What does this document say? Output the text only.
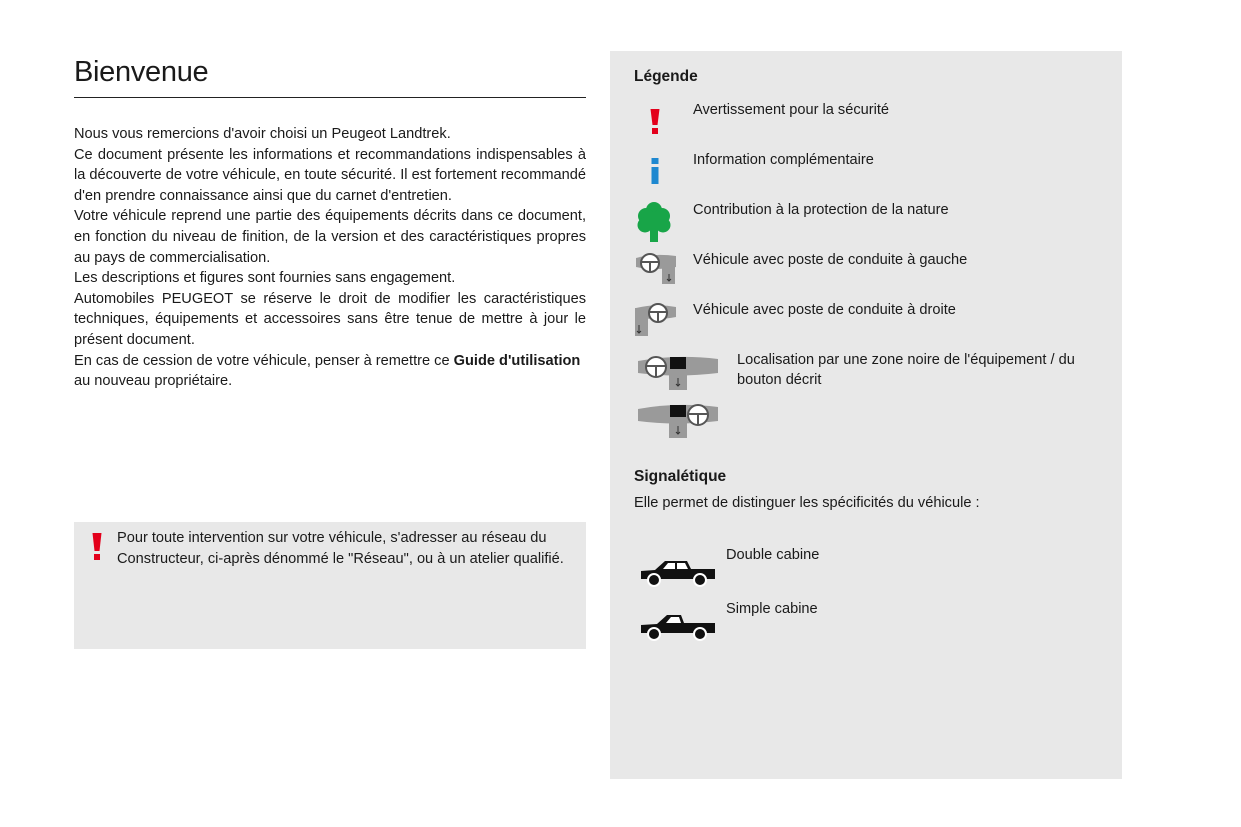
Bienvenue

Nous vous remercions d'avoir choisi un Peugeot Landtrek.

Ce document présente les informations et recommandations indispensables à la découverte de votre véhicule, en toute sécurité. Il est fortement recommandé d'en prendre connaissance ainsi que du carnet d'entretien.

Votre véhicule reprend une partie des équipements décrits dans ce document, en fonction du niveau de finition, de la version et des caractéristiques propres au pays de commercialisation.

Les descriptions et figures sont fournies sans engagement.

Automobiles PEUGEOT se réserve le droit de modifier les caractéristiques techniques, équipements et accessoires sans être tenue de mettre à jour le présent document.

En cas de cession de votre véhicule, penser à remettre ce Guide d'utilisation au nouveau propriétaire.

Pour toute intervention sur votre véhicule, s'adresser au réseau du Constructeur, ci-après dénommé le "Réseau", ou à un atelier qualifié.
Légende
Avertissement pour la sécurité
Information complémentaire
Contribution à la protection de la nature
Véhicule avec poste de conduite à gauche
Véhicule avec poste de conduite à droite
Localisation par une zone noire de l'équipement / du bouton décrit
Signalétique
Elle permet de distinguer les spécificités du véhicule :
Double cabine
Simple cabine
